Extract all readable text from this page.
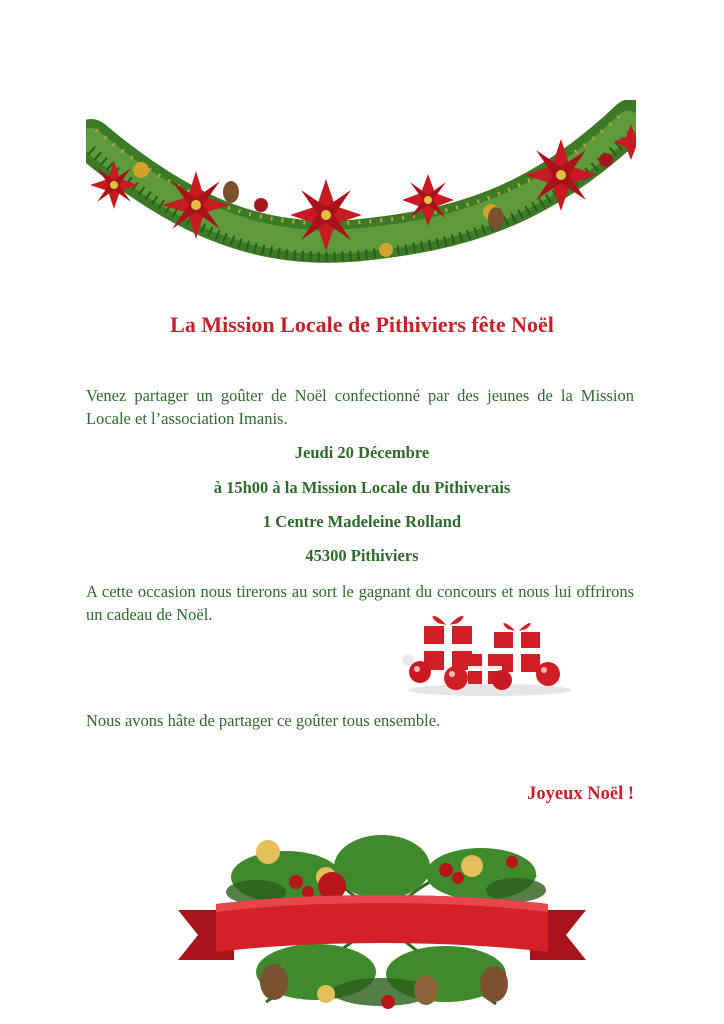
La Mission Locale de Pithiviers fête Noël
Venez partager un goûter de Noël confectionné par des jeunes de la Mission Locale et l’association Imanis.
Jeudi 20 Décembre
à 15h00 à la Mission Locale du Pithiverais
1 Centre Madeleine Rolland
45300 Pithiviers
A cette occasion nous tirerons au sort le gagnant du concours et nous lui offrirons un cadeau de Noël.
Nous avons hâte de partager ce goûter tous ensemble.
Joyeux Noël !
